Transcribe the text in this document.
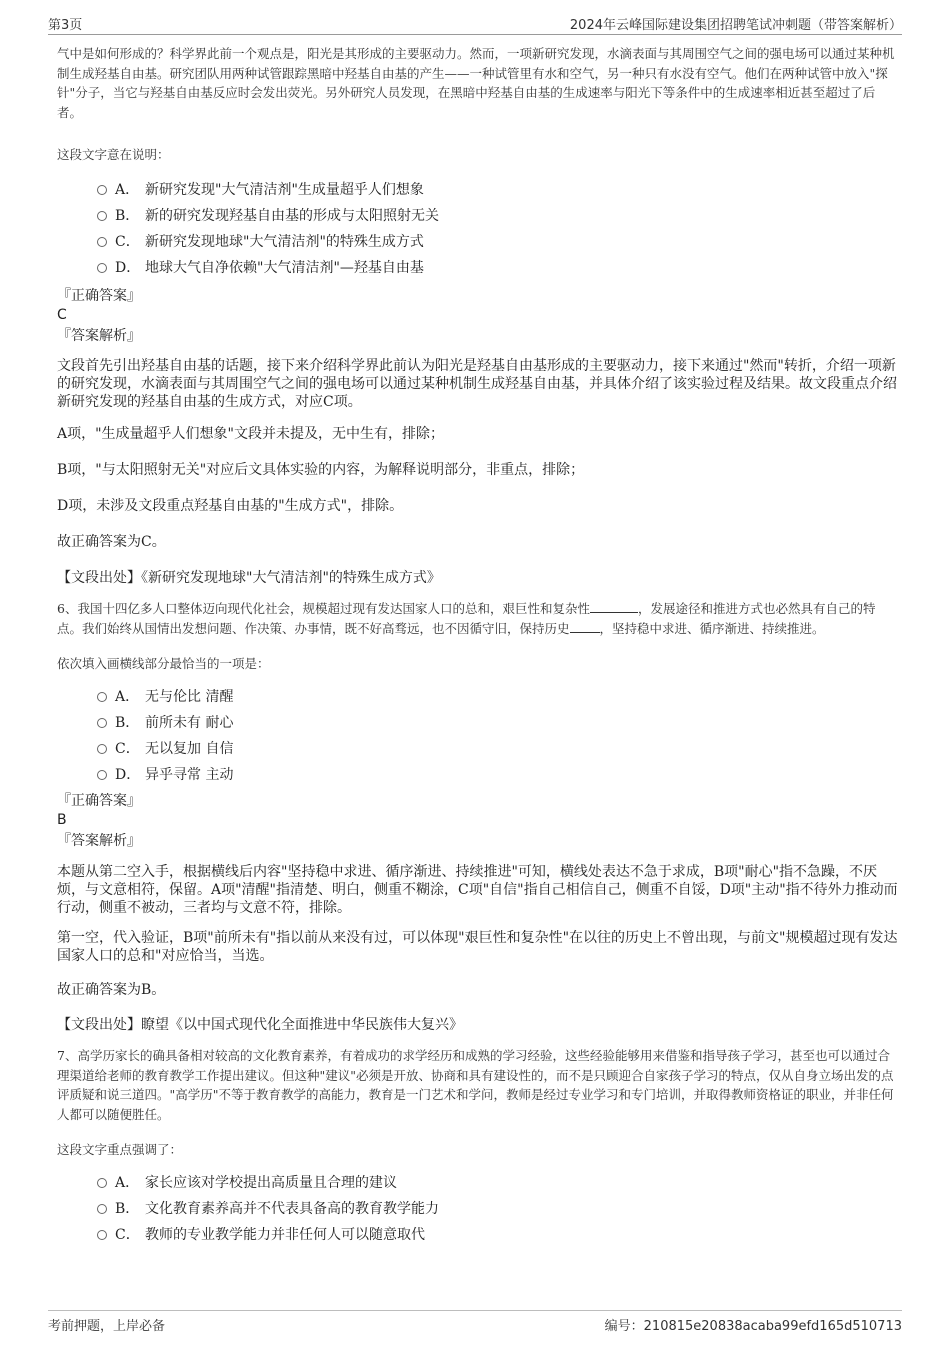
第3页	2024年云峰国际建设集团招聘笔试冲刺题（带答案解析）

气中是如何形成的？科学界此前一个观点是，阳光是其形成的主要驱动力。然而，一项新研究发现，水滴表面与其周围空气之间的强电场可以通过某种机制生成羟基自由基。研究团队用两种试管跟踪黑暗中羟基自由基的产生——一种试管里有水和空气，另一种只有水没有空气。他们在两种试管中放入"探针"分子，当它与羟基自由基反应时会发出荧光。另外研究人员发现，在黑暗中羟基自由基的生成速率与阳光下等条件中的生成速率相近甚至超过了后者。

这段文字意在说明：

A． 新研究发现"大气清洁剂"生成量超乎人们想象
B． 新的研究发现羟基自由基的形成与太阳照射无关
C． 新研究发现地球"大气清洁剂"的特殊生成方式
D． 地球大气自净依赖"大气清洁剂"—羟基自由基

『正确答案』

C

『答案解析』

文段首先引出羟基自由基的话题，接下来介绍科学界此前认为阳光是羟基自由基形成的主要驱动力，接下来通过"然而"转折，介绍一项新的研究发现，水滴表面与其周围空气之间的强电场可以通过某种机制生成羟基自由基，并具体介绍了该实验过程及结果。故文段重点介绍新研究发现的羟基自由基的生成方式，对应C项。

A项，"生成量超乎人们想象"文段并未提及，无中生有，排除；

B项，"与太阳照射无关"对应后文具体实验的内容，为解释说明部分，非重点，排除；

D项，未涉及文段重点羟基自由基的"生成方式"，排除。

故正确答案为C。

【文段出处】《新研究发现地球"大气清洁剂"的特殊生成方式》

6、我国十四亿多人口整体迈向现代化社会，规模超过现有发达国家人口的总和，艰巨性和复杂性	，发展途径和推进方式也必然具有自己的特点。我们始终从国情出发想问题、作决策、办事情，既不好高骛远，也不因循守旧，保持历史 ，坚持稳中求进、循序渐进、持续推进。

依次填入画横线部分最恰当的一项是：

A． 无与伦比 清醒
B． 前所未有 耐心
C． 无以复加 自信
D． 异乎寻常 主动

『正确答案』

B

『答案解析』

本题从第二空入手，根据横线后内容"坚持稳中求进、循序渐进、持续推进"可知，横线处表达不急于求成，B项"耐心"指不急躁，不厌烦，与文意相符，保留。A项"清醒"指清楚、明白，侧重不糊涂，C项"自信"指自己相信自己，侧重不自馁，D项"主动"指不待外力推动而行动，侧重不被动，三者均与文意不符，排除。

第一空，代入验证，B项"前所未有"指以前从来没有过，可以体现"艰巨性和复杂性"在以往的历史上不曾出现，与前文"规模超过现有发达国家人口的总和"对应恰当，当选。

故正确答案为B。

【文段出处】瞭望《以中国式现代化全面推进中华民族伟大复兴》

7、高学历家长的确具备相对较高的文化教育素养，有着成功的求学经历和成熟的学习经验，这些经验能够用来借鉴和指导孩子学习，甚至也可以通过合理渠道给老师的教育教学工作提出建议。但这种"建议"必须是开放、协商和具有建设性的，而不是只顾迎合自家孩子学习的特点，仅从自身立场出发的点评质疑和说三道四。"高学历"不等于教育教学的高能力，教育是一门艺术和学问，教师是经过专业学习和专门培训，并取得教师资格证的职业，并非任何人都可以随便胜任。

这段文字重点强调了：

A． 家长应该对学校提出高质量且合理的建议
B． 文化教育素养高并不代表具备高的教育教学能力
C． 教师的专业教学能力并非任何人可以随意取代
考前押题，上岸必备	编号：210815e20838acaba99efd165d510713
